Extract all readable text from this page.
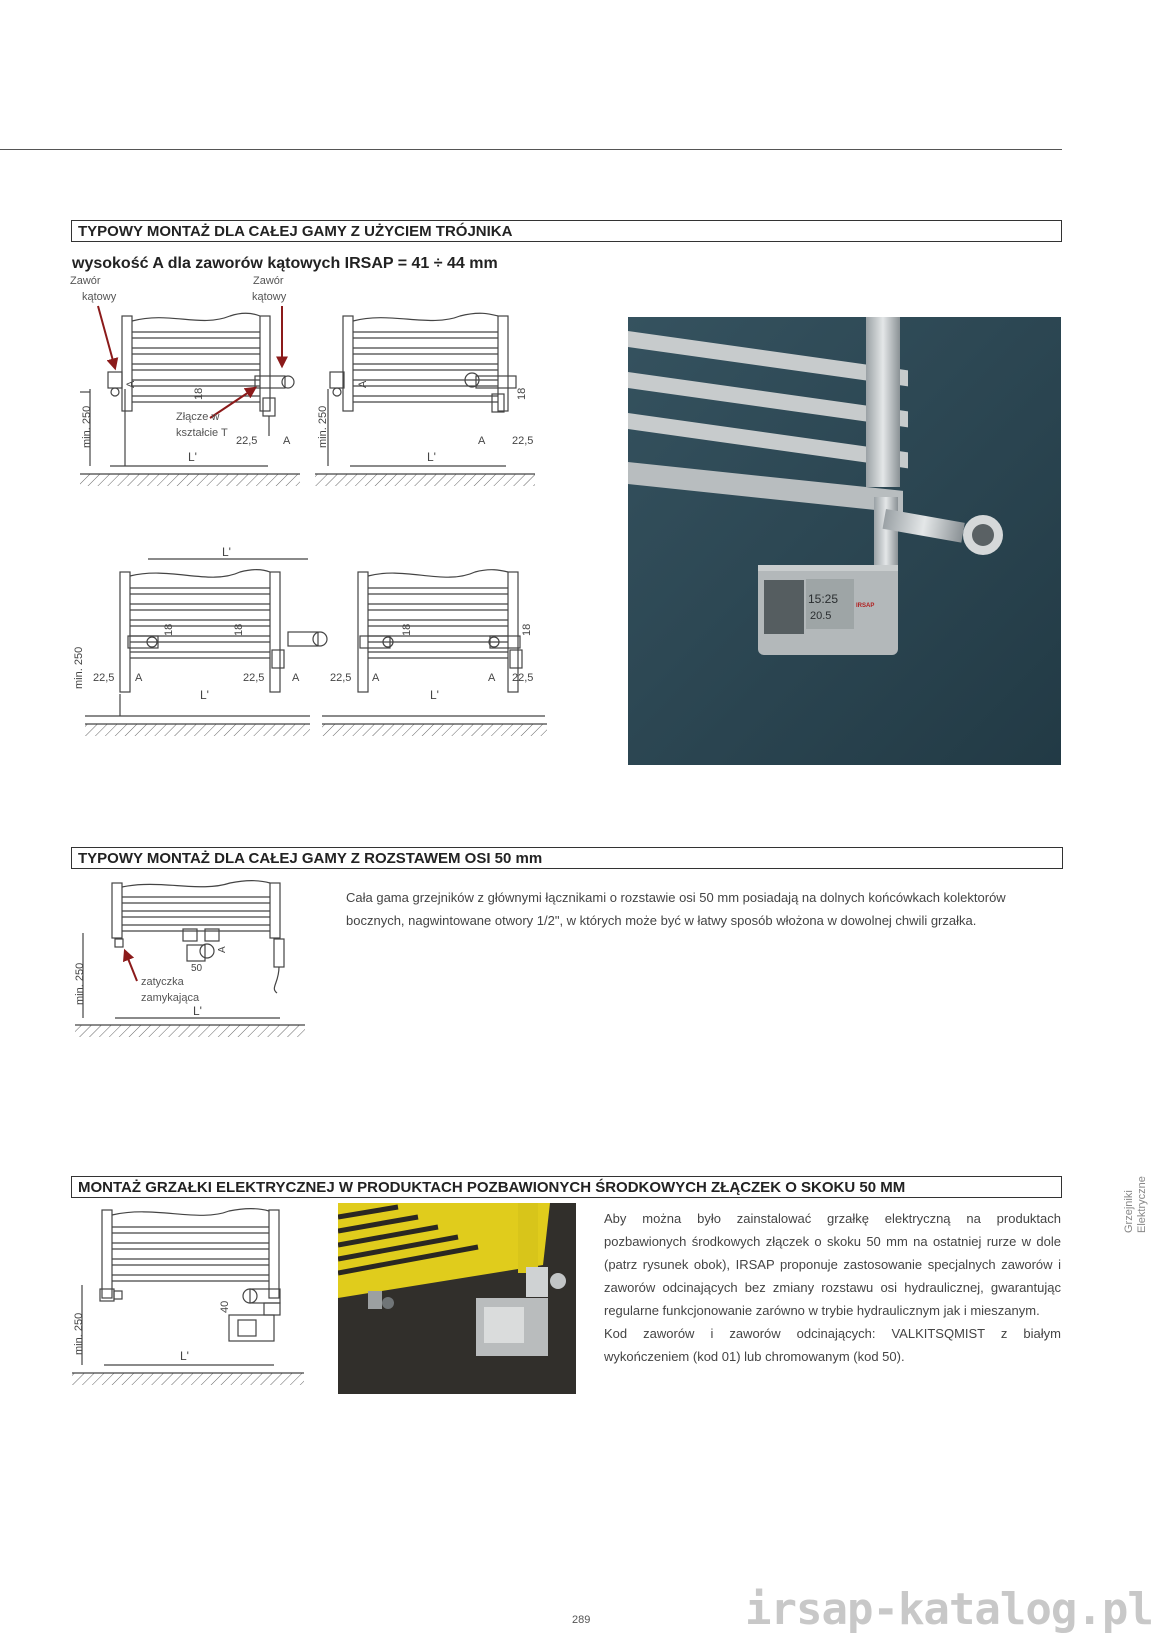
TYPOWY MONTAŻ DLA CAŁEJ GAMY Z UŻYCIEM TRÓJNIKA
wysokość A dla zaworów kątowych IRSAP = 41 ÷ 44 mm
Zawór
kątowy
Zawór
kątowy
Złącze w
kształcie T
L'
22,5 A
A
18
min. 250
L'
A 22,5
A
18
min. 250
L'
22,5 A	22,5	A
L'
18	18
min. 250	22,5 A	A 22,5
L'
18	18
15:25
20.5
IRSAP
TYPOWY MONTAŻ DLA CAŁEJ GAMY Z ROZSTAWEM OSI 50 mm

Cała gama grzejników z głównymi łącznikami o rozstawie osi 50 mm posiadają na dolnych końcówkach kolektorów bocznych, nagwintowane otwory 1/2", w których może być w łatwy sposób włożona w dowolnej chwili grzałka.

50
A
zatyczka
zamykająca
L'
min. 250
MONTAŻ GRZAŁKI ELEKTRYCZNEJ W PRODUKTACH POZBAWIONYCH ŚRODKOWYCH ZŁĄCZEK O SKOKU 50 MM
40
L'
min. 250

Aby można było zainstalować grzałkę elektryczną na produktach pozbawionych środkowych złączek o skoku 50 mm na ostatniej rurze w dole (patrz rysunek obok), IRSAP proponuje zastosowanie specjalnych zaworów i zaworów odcinających bez zmiany rozstawu osi hydraulicznej, gwarantując regularne funkcjonowanie zarówno w trybie hydraulicznym jak i mieszanym.

Kod zaworów i zaworów odcinających: VALKITSQMIST z białym wykończeniem (kod 01) lub chromowanym (kod 50).

Grzejniki Elektryczne
289	irsap-katalog.pl
